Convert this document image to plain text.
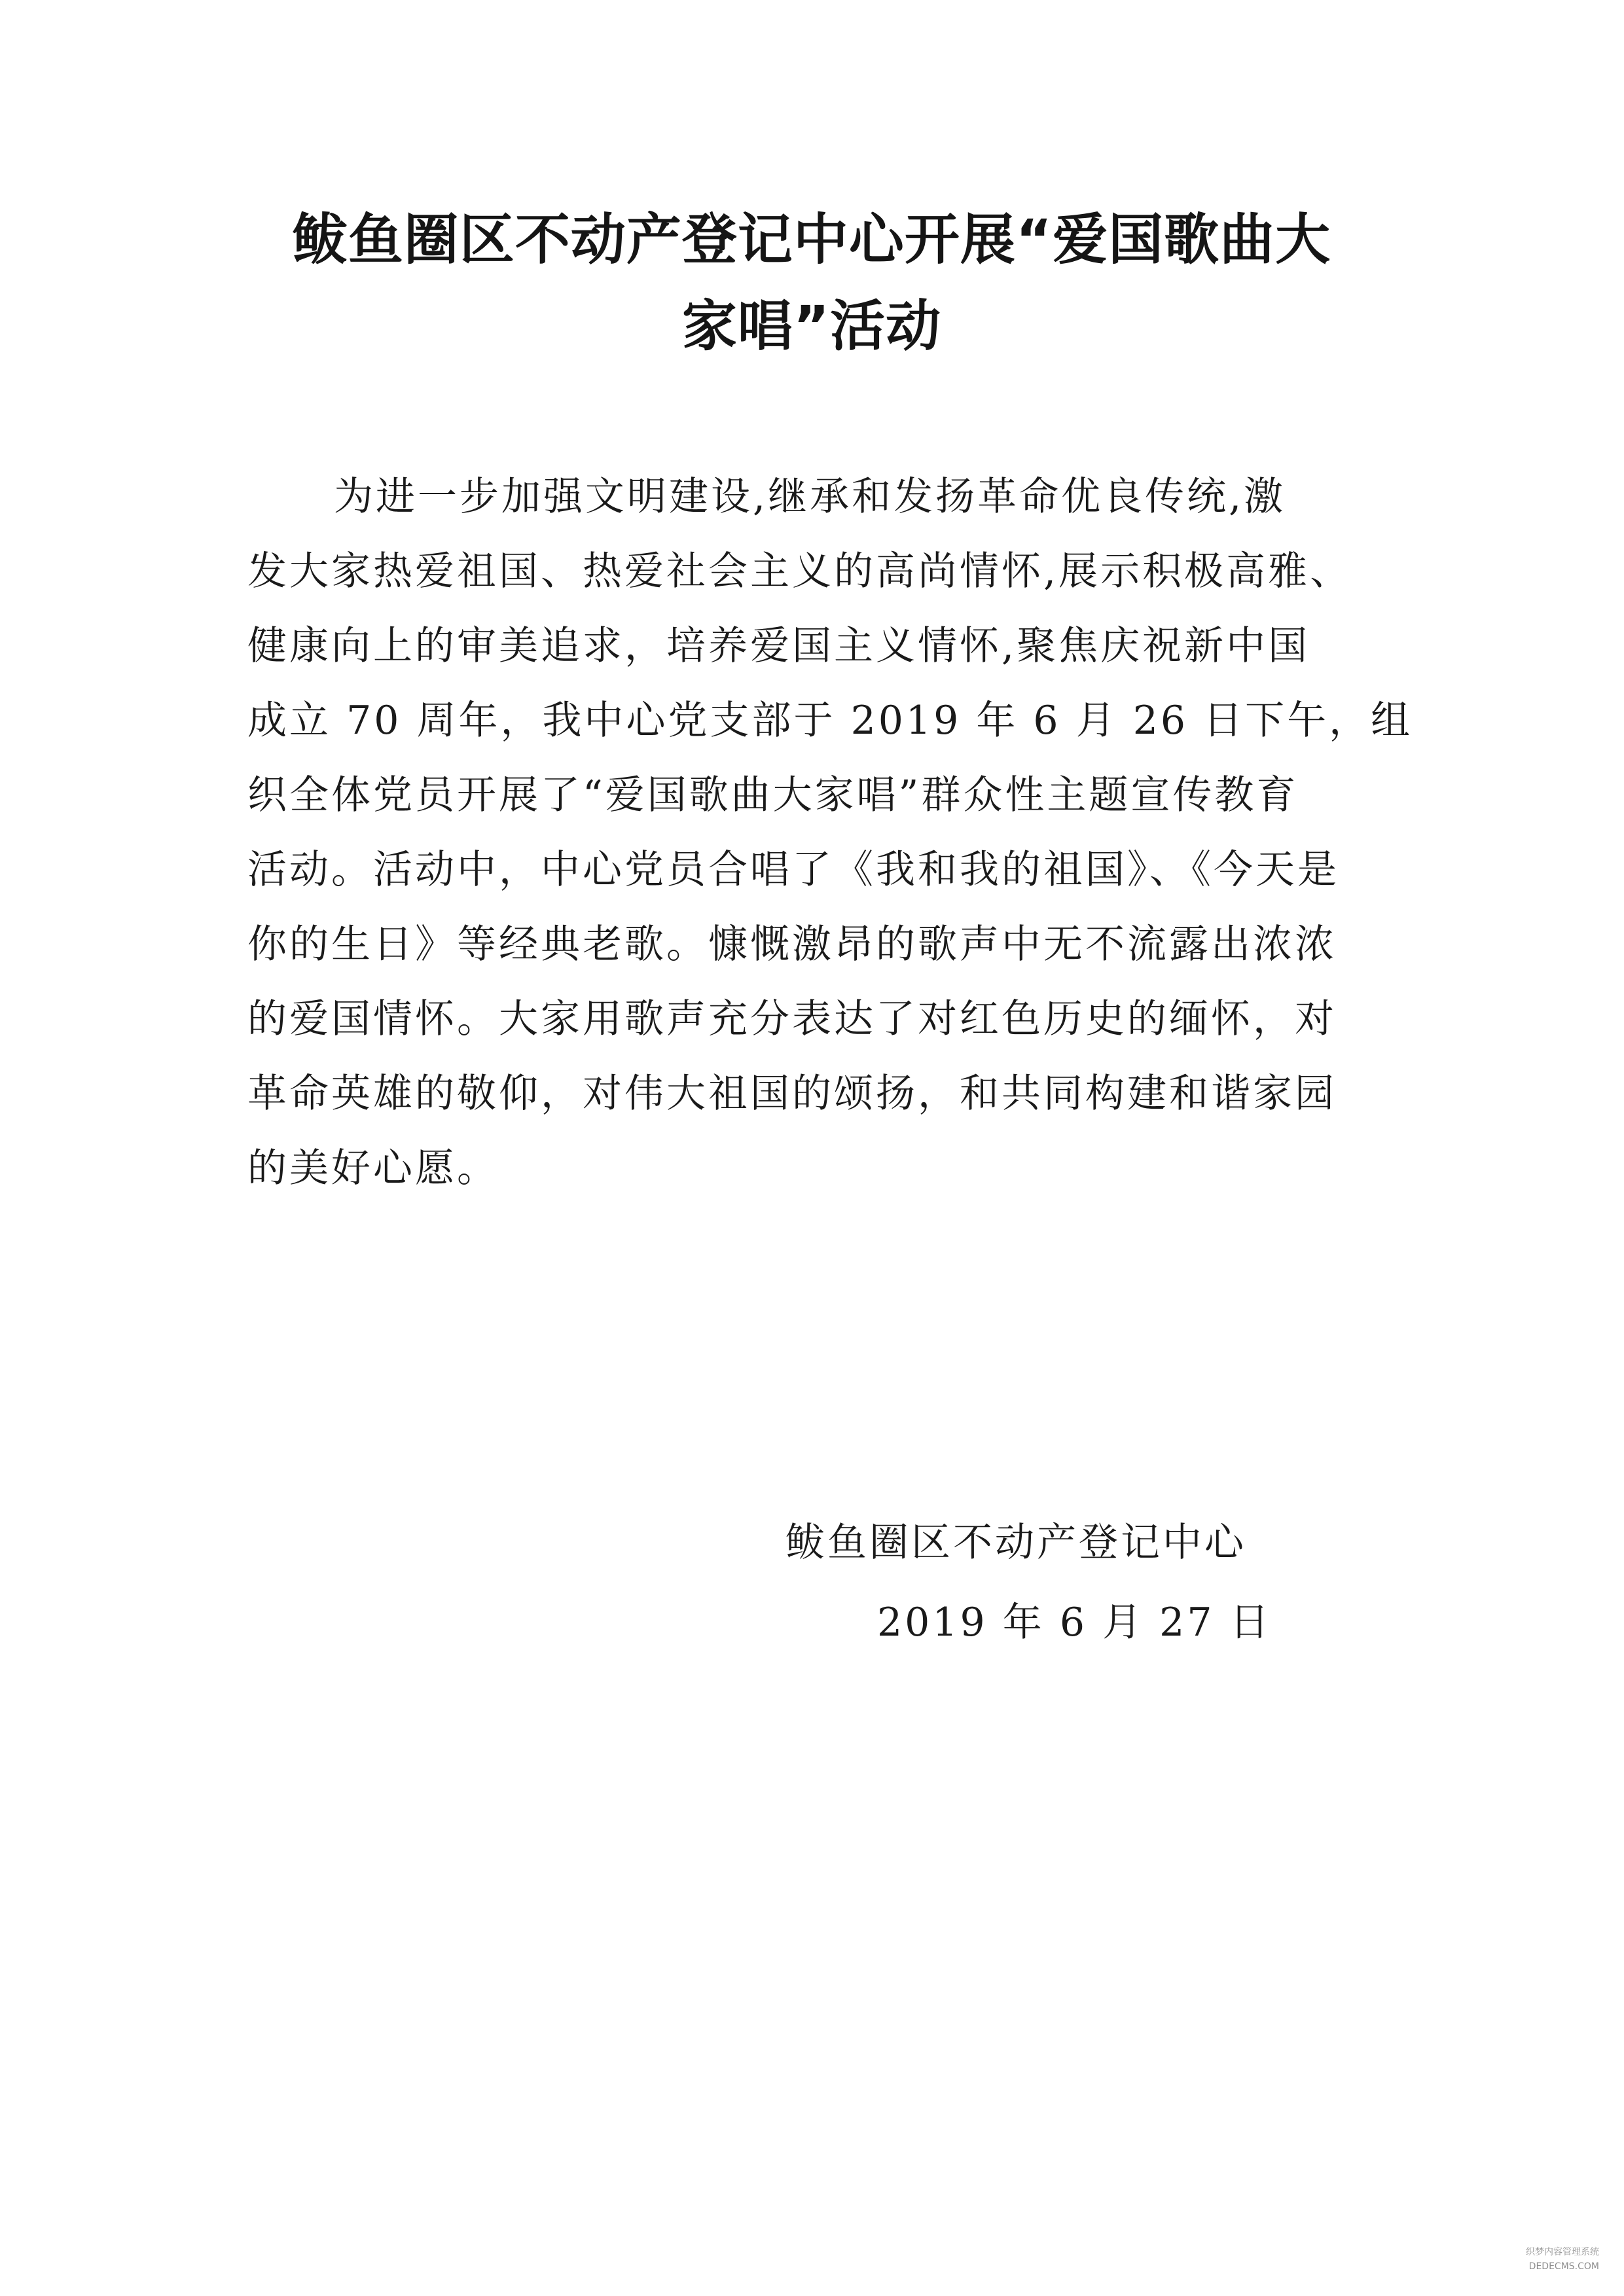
鲅鱼圈区不动产登记中心开展“爱国歌曲大
家唱”活动
为进一步加强文明建设,继承和发扬革命优良传统,激
发大家热爱祖国、热爱社会主义的高尚情怀,展示积极高雅、
健康向上的审美追求，培养爱国主义情怀,聚焦庆祝新中国
成立 70 周年，我中心党支部于 2019 年 6 月 26 日下午，组
织全体党员开展了“爱国歌曲大家唱”群众性主题宣传教育
活动。活动中，中心党员合唱了《我和我的祖国》、《今天是
你的生日》等经典老歌。慷慨激昂的歌声中无不流露出浓浓
的爱国情怀。大家用歌声充分表达了对红色历史的缅怀，对
革命英雄的敬仰，对伟大祖国的颂扬，和共同构建和谐家园
的美好心愿。
鲅鱼圈区不动产登记中心
2019 年 6 月 27 日
织梦内容管理系统
DEDECMS.COM
